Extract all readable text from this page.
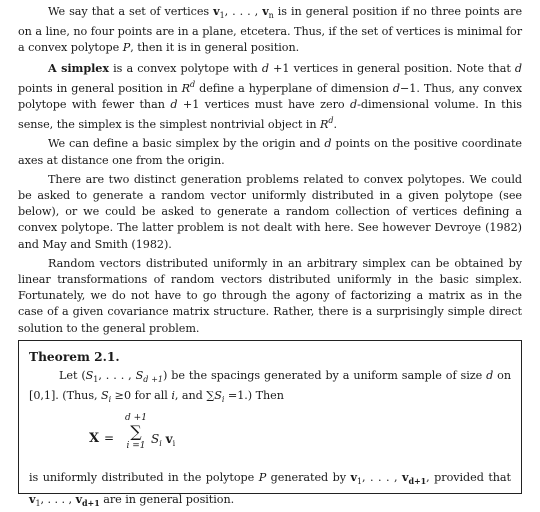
We say that a set of vertices $v_1$, . . . , $v_n$ is in general position if no three points are on a line, no four points are in a plane, etcetera. Thus, if the set of vertices is minimal for a convex polytope P, then it is in general position.

A simplex is a convex polytope with d +1 vertices in general position. Note that d points in general position in $R^d$ define a hyperplane of dimension d−1. Thus, any convex polytope with fewer than d +1 vertices must have zero d-dimensional volume. In this sense, the simplex is the simplest nontrivial object in $R^d$.

We can define a basic simplex by the origin and d points on the positive coordinate axes at distance one from the origin.

There are two distinct generation problems related to convex polytopes. We could be asked to generate a random vector uniformly distributed in a given polytope (see below), or we could be asked to generate a random collection of vertices defining a convex polytope. The latter problem is not dealt with here. See however Devroye (1982) and May and Smith (1982).

Random vectors distributed uniformly in an arbitrary simplex can be obtained by linear transformations of random vectors distributed uniformly in the basic simplex. Fortunately, we do not have to go through the agony of factorizing a matrix as in the case of a given covariance matrix structure. Rather, there is a surprisingly simple direct solution to the general problem.

Theorem 2.1.

Let ($S_1$, . . . , $S_{d +1}$) be the spacings generated by a uniform sample of size d on [0,1]. (Thus, $S_i \ge 0$ for all i, and $\sum S_i =1$.) Then

X =
d +1
∑
i =1 $S_i$ $v_i$

is uniformly distributed in the polytope P generated by $v_1$, . . . , $v_{d+1}$, provided that $v_1$, . . . , $v_{d+1}$ are in general position.
